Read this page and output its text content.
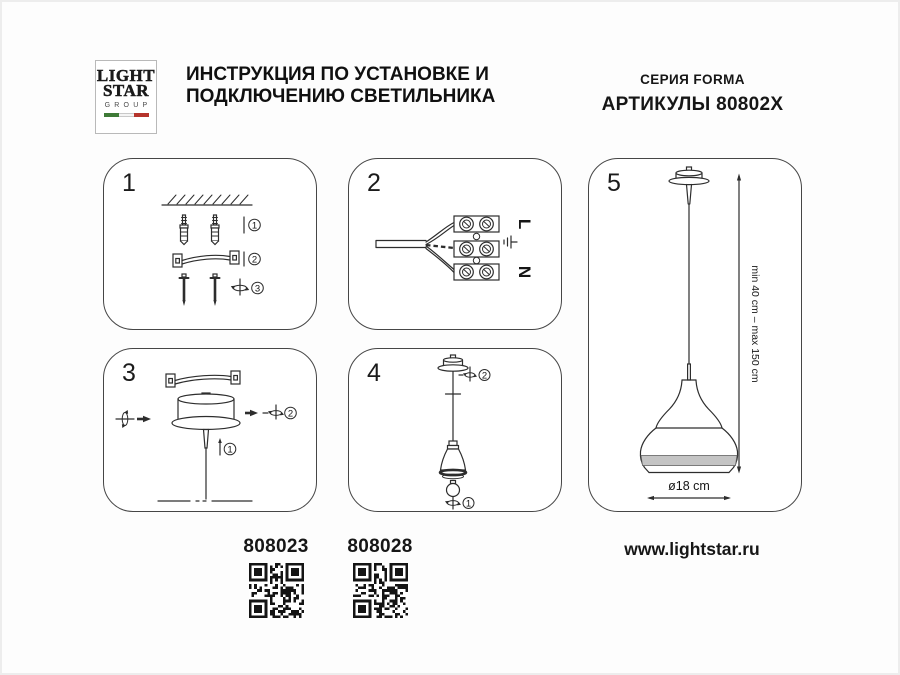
LIGHT
STAR
GROUP
ИНСТРУКЦИЯ ПО УСТАНОВКЕ И
ПОДКЛЮЧЕНИЮ СВЕТИЛЬНИКА
СЕРИЯ FORMA
АРТИКУЛЫ 80802X
1
1
2
3
2
L
N
3
2
1
4	2
1
5
min 40 cm – max 150 cm
ø18 cm
808023 808028	www.lightstar.ru
